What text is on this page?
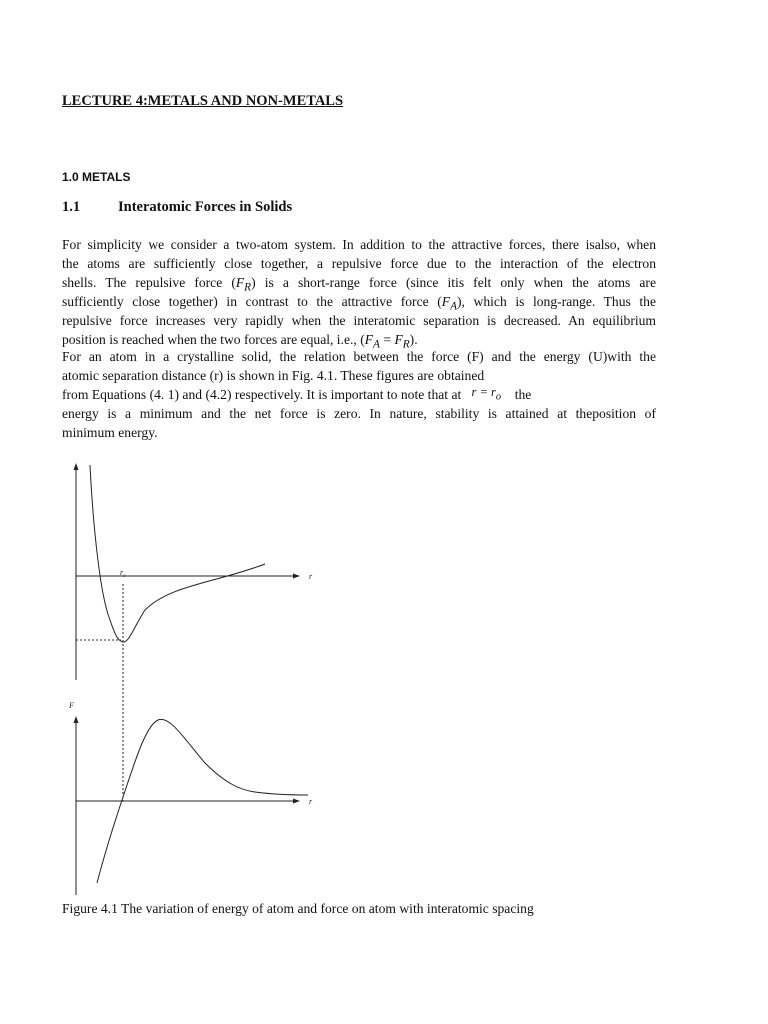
LECTURE 4:METALS AND NON-METALS
1.0 METALS
1.1	Interatomic Forces in Solids
For simplicity we consider a two-atom system. In addition to the attractive forces, there isalso, when
the atoms are sufficiently close together, a repulsive force due to the interaction of the electron
shells. The repulsive force $(F_R)$ is a short-range force (since itis felt only when the atoms are
sufficiently close together) in contrast to the attractive force $(F_A)$, which is long-range. Thus the
repulsive force increases very rapidly when the interatomic separation is decreased. An equilibrium
position is reached when the two forces are equal, i.e., $(F_A = F_R)$.
For an atom in a crystalline solid, the relation between the force (F) and the energy (U)with the
atomic separation distance (r) is shown in Fig. 4.1. These figures are obtained
from Equations (4. 1) and (4.2) respectively. It is important to note that at $r = r_o$ the
energy is a minimum and the net force is zero. In nature, stability is attained at theposition of
minimum energy.
$r_o$	r
F
r

Figure 4.1 The variation of energy of atom and force on atom with interatomic spacing
